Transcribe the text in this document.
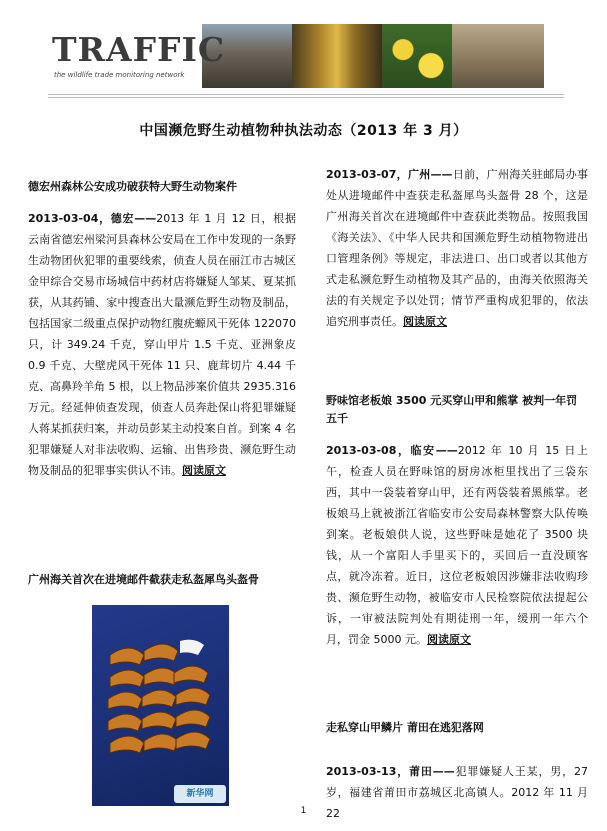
TRAFFIC
the wildlife trade monitoring network
中国濒危野生动植物种执法动态（2013 年 3 月）
德宏州森林公安成功破获特大野生动物案件
2013-03-04，德宏——2013 年 1 月 12 日，根据云南省德宏州梁河县森林公安局在工作中发现的一条野生动物团伙犯罪的重要线索，侦查人员在丽江市古城区金甲综合交易市场城信中药材店将嫌疑人邹某、夏某抓获，从其药铺、家中搜查出大量濒危野生动物及制品，包括国家二级重点保护动物红腹疣螈风干死体 122070 只，计 349.24 千克，穿山甲片 1.5 千克、亚洲象皮 0.9 千克、大壁虎风干死体 11 只、鹿茸切片 4.44 千克、高鼻羚羊角 5 根，以上物品涉案价值共 2935.316 万元。经延伸侦查发现，侦查人员奔赴保山将犯罪嫌疑人蒋某抓获归案，并动员彭某主动投案自首。到案 4 名犯罪嫌疑人对非法收购、运输、出售珍贵、濒危野生动物及制品的犯罪事实供认不讳。阅读原文
广州海关首次在进境邮件截获走私盔犀鸟头盔骨
新华网
2013-03-07，广州——日前，广州海关驻邮局办事处从进境邮件中查获走私盔犀鸟头盔骨 28 个，这是广州海关首次在进境邮件中查获此类物品。按照我国《海关法》、《中华人民共和国濒危野生动植物物进出口管理条例》等规定，非法进口、出口或者以其他方式走私濒危野生动植物及其产品的，由海关依照海关法的有关规定予以处罚；情节严重构成犯罪的，依法追究刑事责任。阅读原文
野味馆老板娘 3500 元买穿山甲和熊掌 被判一年罚五千
2013-03-08，临安——2012 年 10 月 15 日上午，检查人员在野味馆的厨房冰柜里找出了三袋东西，其中一袋装着穿山甲，还有两袋装着黑熊掌。老板娘马上就被浙江省临安市公安局森林警察大队传唤到案。老板娘供人说，这些野味是她花了 3500 块钱，从一个富阳人手里买下的，买回后一直没顾客点，就冷冻着。近日，这位老板娘因涉嫌非法收购珍贵、濒危野生动物，被临安市人民检察院依法提起公诉，一审被法院判处有期徒刑一年，缓刑一年六个月，罚金 5000 元。阅读原文
走私穿山甲鳞片 莆田在逃犯落网
2013-03-13，莆田——犯罪嫌疑人王某，男，27 岁，福建省莆田市荔城区北高镇人。2012 年 11 月 22
1
